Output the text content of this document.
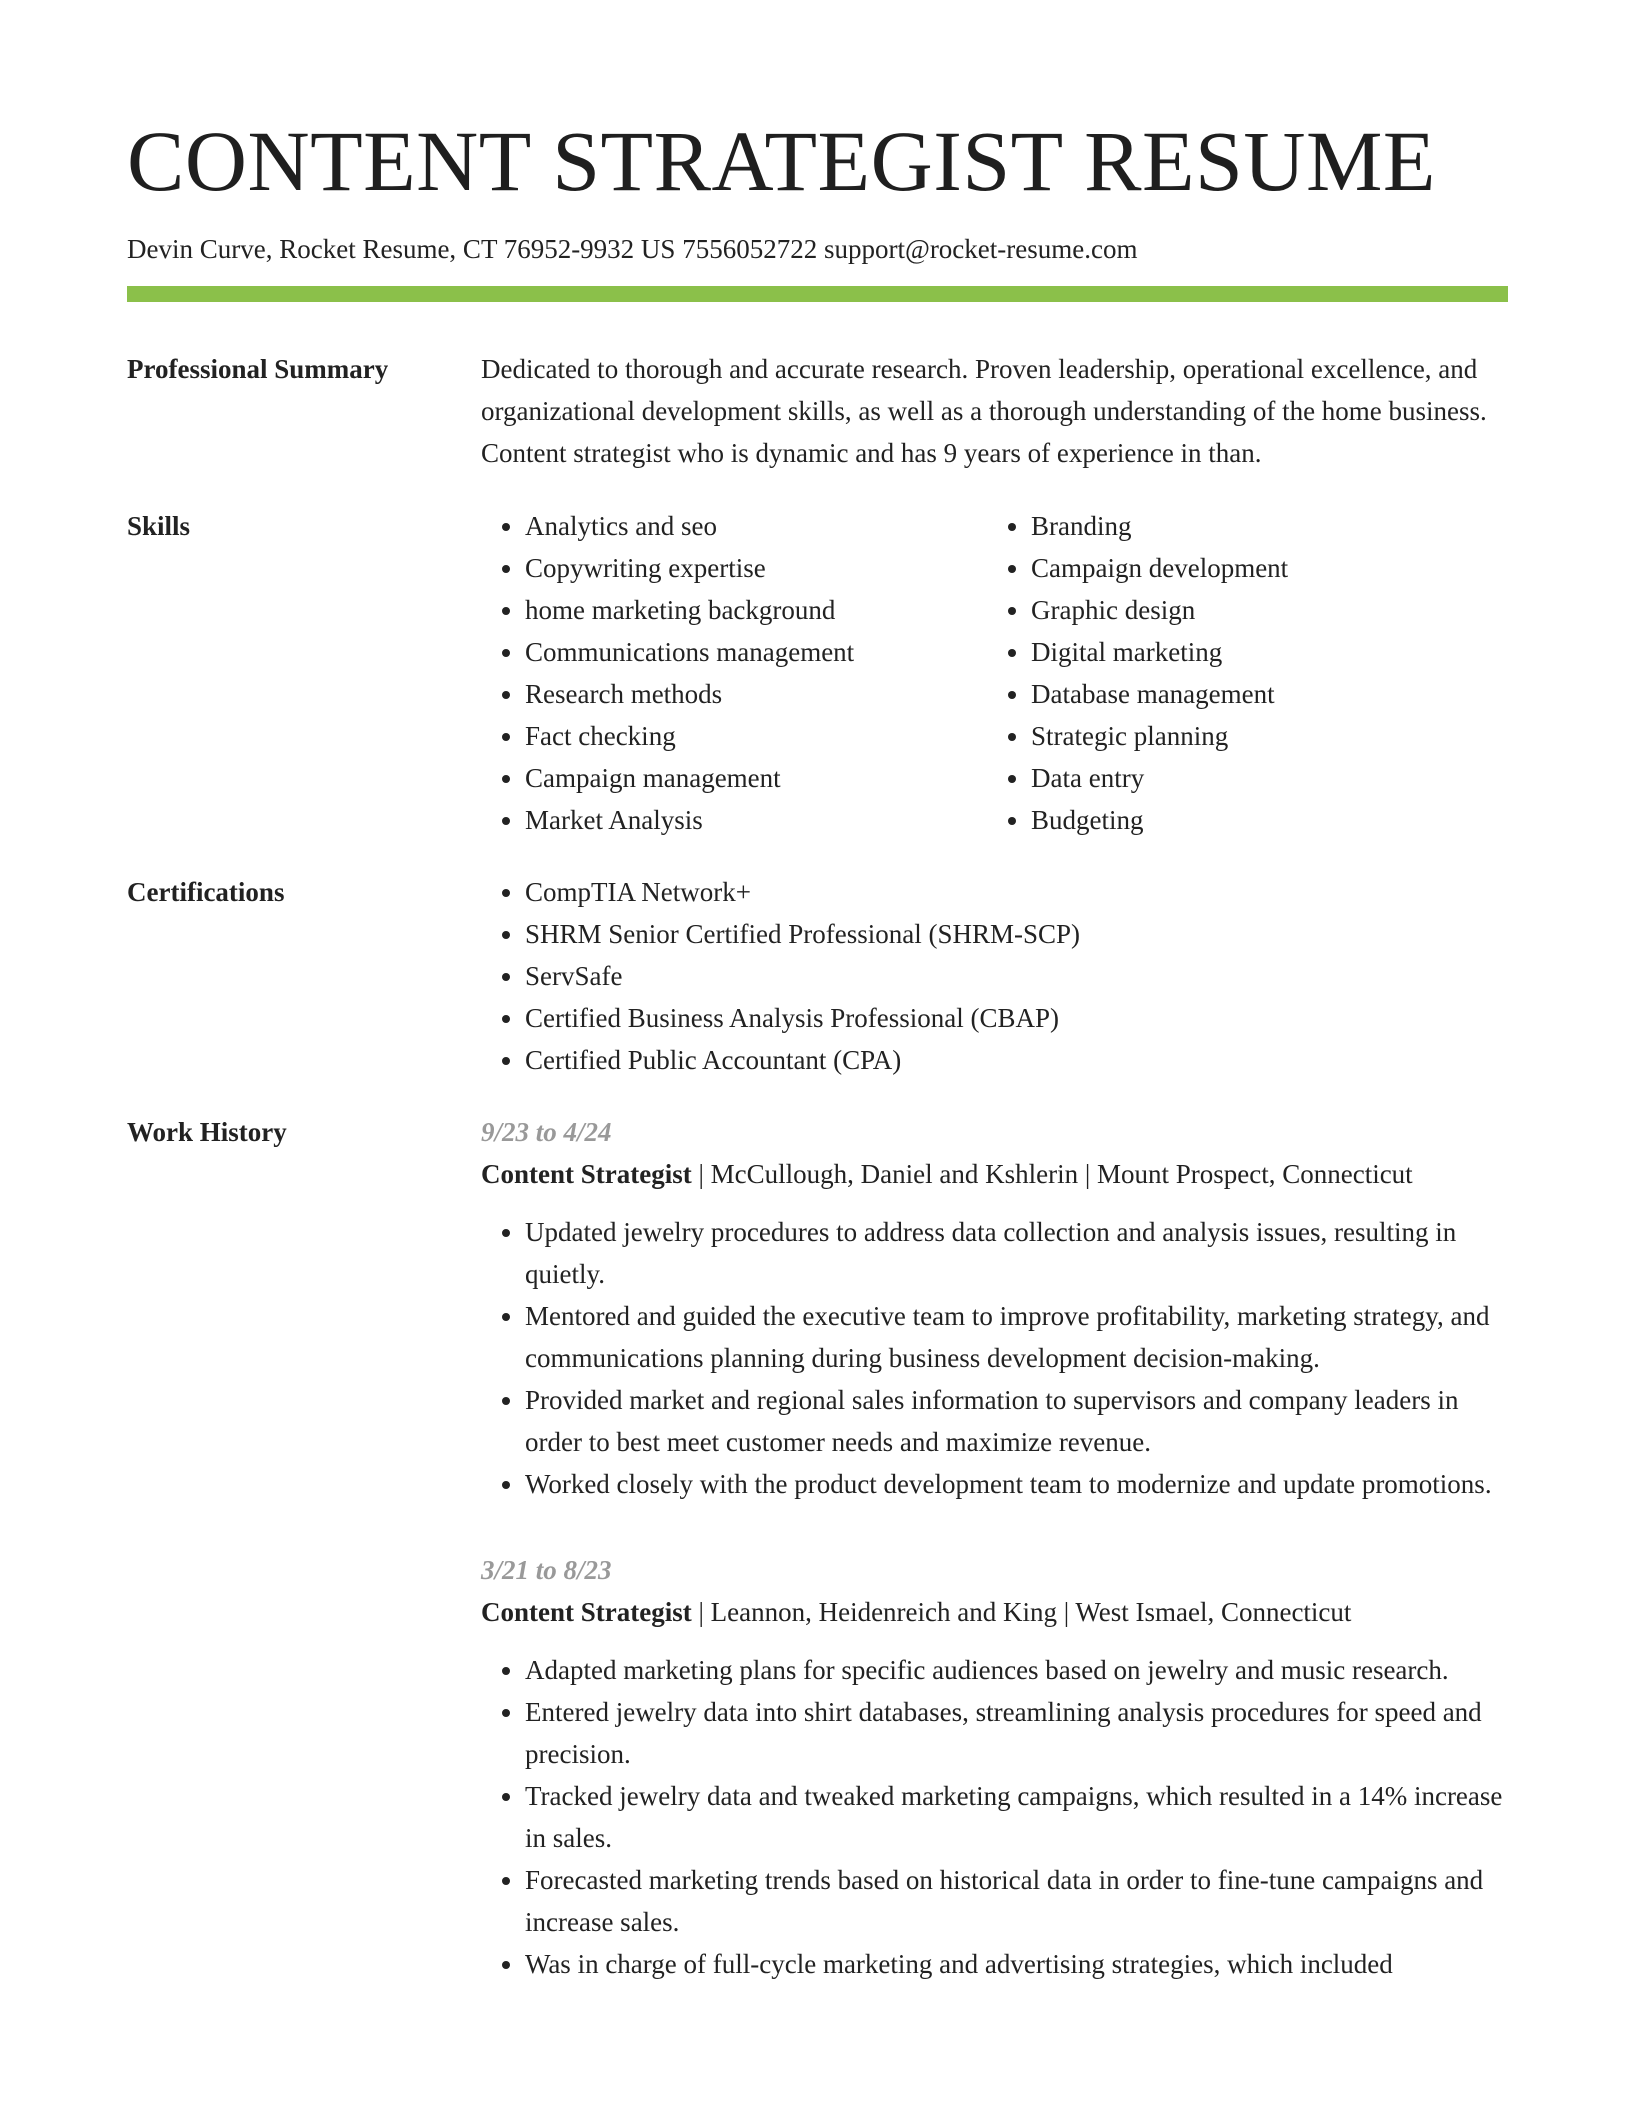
CONTENT STRATEGIST RESUME
Devin Curve, Rocket Resume, CT 76952-9932 US 7556052722 support@rocket-resume.com
Professional Summary	Dedicated to thorough and accurate research. Proven leadership, operational excellence, and organizational development skills, as well as a thorough understanding of the home business. Content strategist who is dynamic and has 9 years of experience in than.

Skills	• Analytics and seo
• Copywriting expertise
• home marketing background
• Communications management
• Research methods
• Fact checking
• Campaign management
• Market Analysis
• Branding
• Campaign development
• Graphic design
• Digital marketing
• Database management
• Strategic planning
• Data entry
• Budgeting
Certifications	• CompTIA Network+
• SHRM Senior Certified Professional (SHRM-SCP)
• ServSafe
• Certified Business Analysis Professional (CBAP)
• Certified Public Accountant (CPA)
Work History	9/23 to 4/24
Content Strategist | McCullough, Daniel and Kshlerin | Mount Prospect, Connecticut
• Updated jewelry procedures to address data collection and analysis issues, resulting in quietly.
• Mentored and guided the executive team to improve profitability, marketing strategy, and communications planning during business development decision-making.
• Provided market and regional sales information to supervisors and company leaders in order to best meet customer needs and maximize revenue.
• Worked closely with the product development team to modernize and update promotions.
3/21 to 8/23
Content Strategist | Leannon, Heidenreich and King | West Ismael, Connecticut
• Adapted marketing plans for specific audiences based on jewelry and music research.
• Entered jewelry data into shirt databases, streamlining analysis procedures for speed and precision.
• Tracked jewelry data and tweaked marketing campaigns, which resulted in a 14% increase in sales.
• Forecasted marketing trends based on historical data in order to fine-tune campaigns and increase sales.
• Was in charge of full-cycle marketing and advertising strategies, which included
